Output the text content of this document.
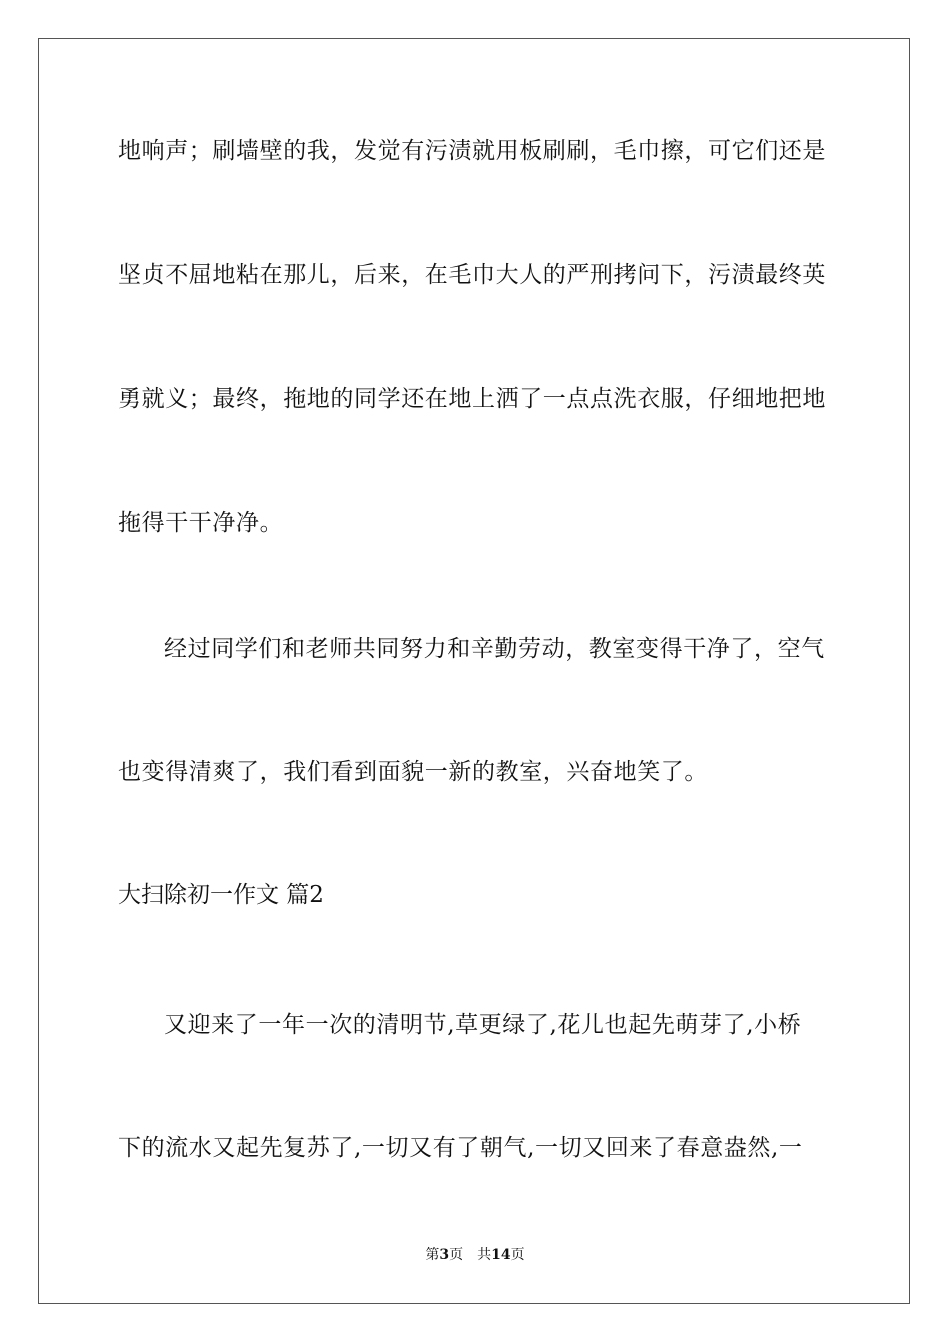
地响声；刷墙壁的我，发觉有污渍就用板刷刷，毛巾擦，可它们还是
坚贞不屈地粘在那儿，后来，在毛巾大人的严刑拷问下，污渍最终英
勇就义；最终，拖地的同学还在地上洒了一点点洗衣服，仔细地把地
拖得干干净净。
经过同学们和老师共同努力和辛勤劳动，教室变得干净了，空气
也变得清爽了，我们看到面貌一新的教室，兴奋地笑了。
大扫除初一作文 篇2
又迎来了一年一次的清明节,草更绿了,花儿也起先萌芽了,小桥
下的流水又起先复苏了,一切又有了朝气,一切又回来了春意盎然,一
第3页 共14页
